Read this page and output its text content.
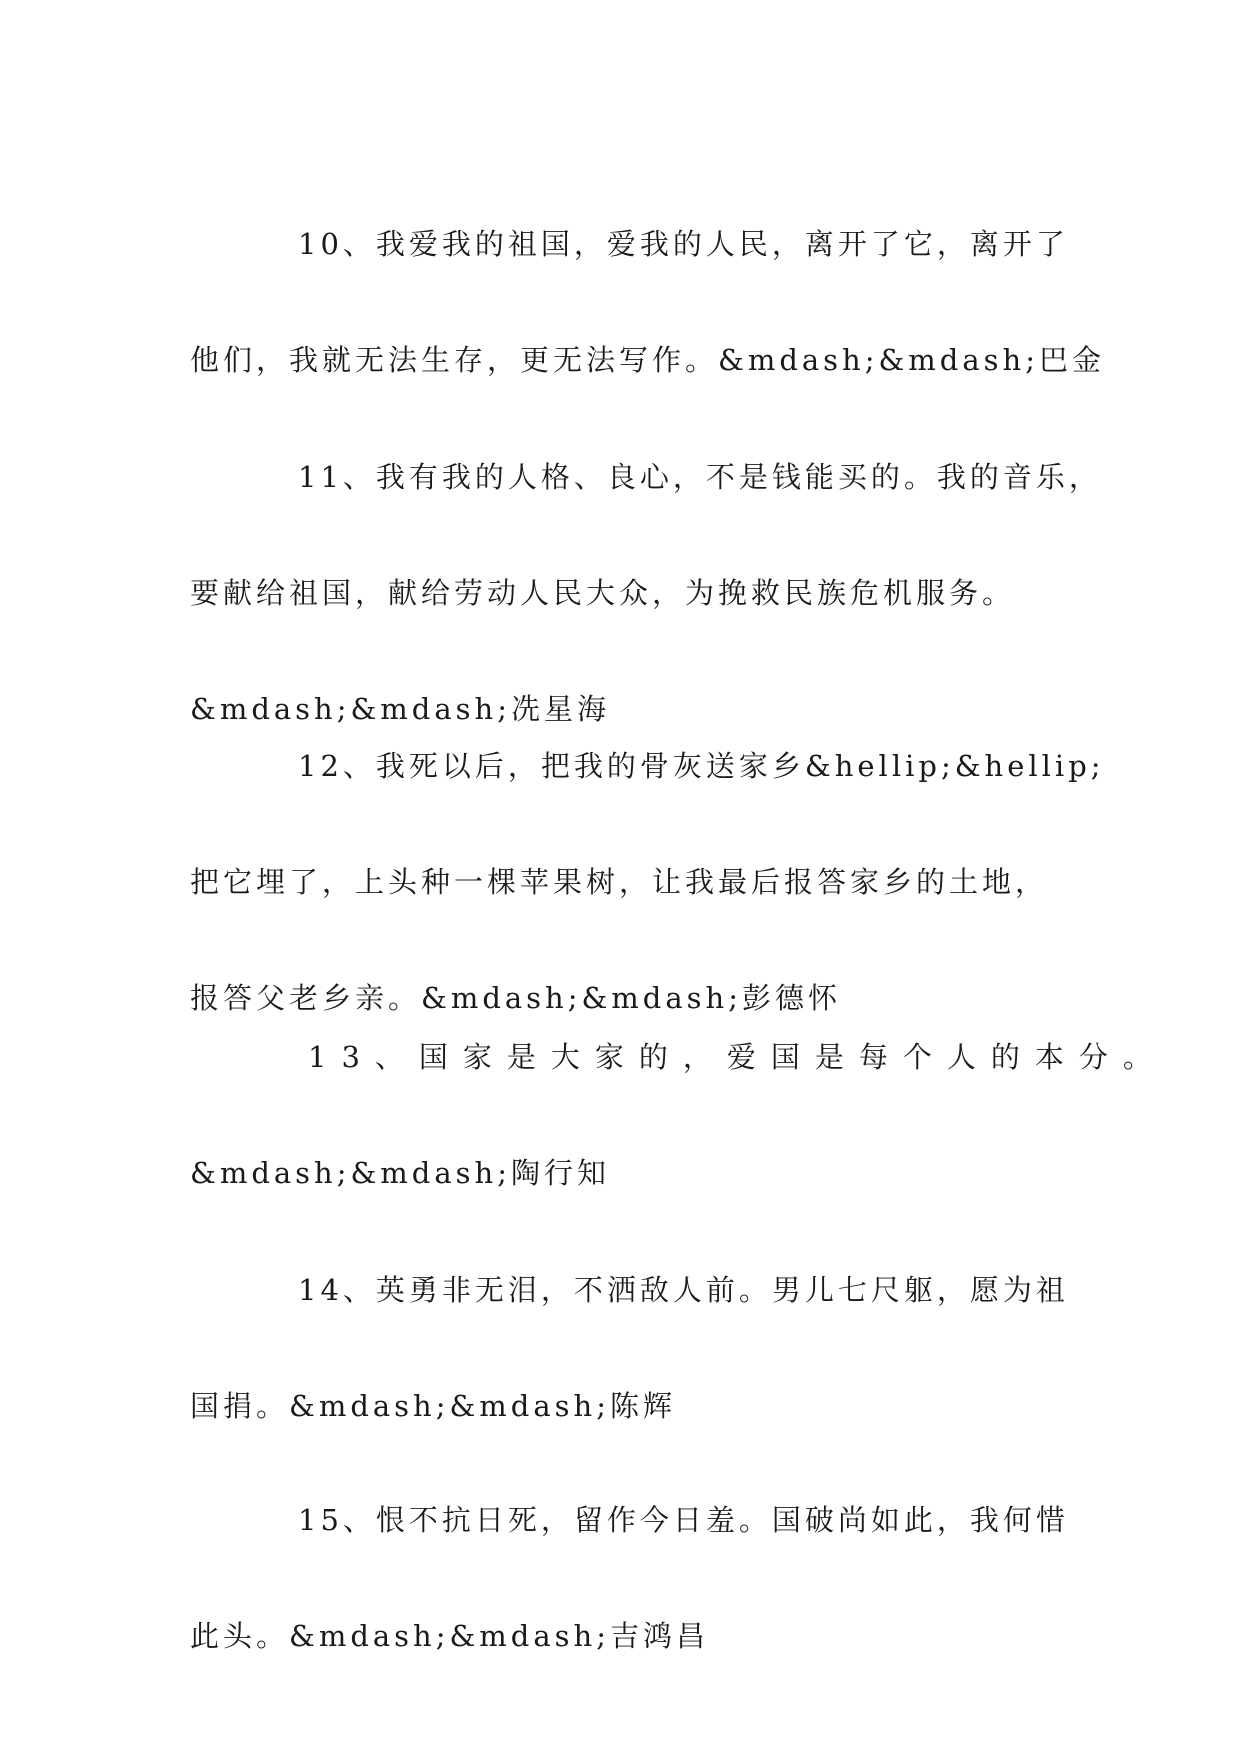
10、我爱我的祖国，爱我的人民，离开了它，离开了

他们，我就无法生存，更无法写作。&mdash;&mdash;巴金

11、我有我的人格、良心，不是钱能买的。我的音乐，

要献给祖国，献给劳动人民大众，为挽救民族危机服务。

&mdash;&mdash;冼星海

12、我死以后，把我的骨灰送家乡&hellip;&hellip;

把它埋了，上头种一棵苹果树，让我最后报答家乡的土地，

报答父老乡亲。&mdash;&mdash;彭德怀

13、国家是大家的，爱国是每个人的本分。

&mdash;&mdash;陶行知

14、英勇非无泪，不洒敌人前。男儿七尺躯，愿为祖

国捐。&mdash;&mdash;陈辉

15、恨不抗日死，留作今日羞。国破尚如此，我何惜

此头。&mdash;&mdash;吉鸿昌
